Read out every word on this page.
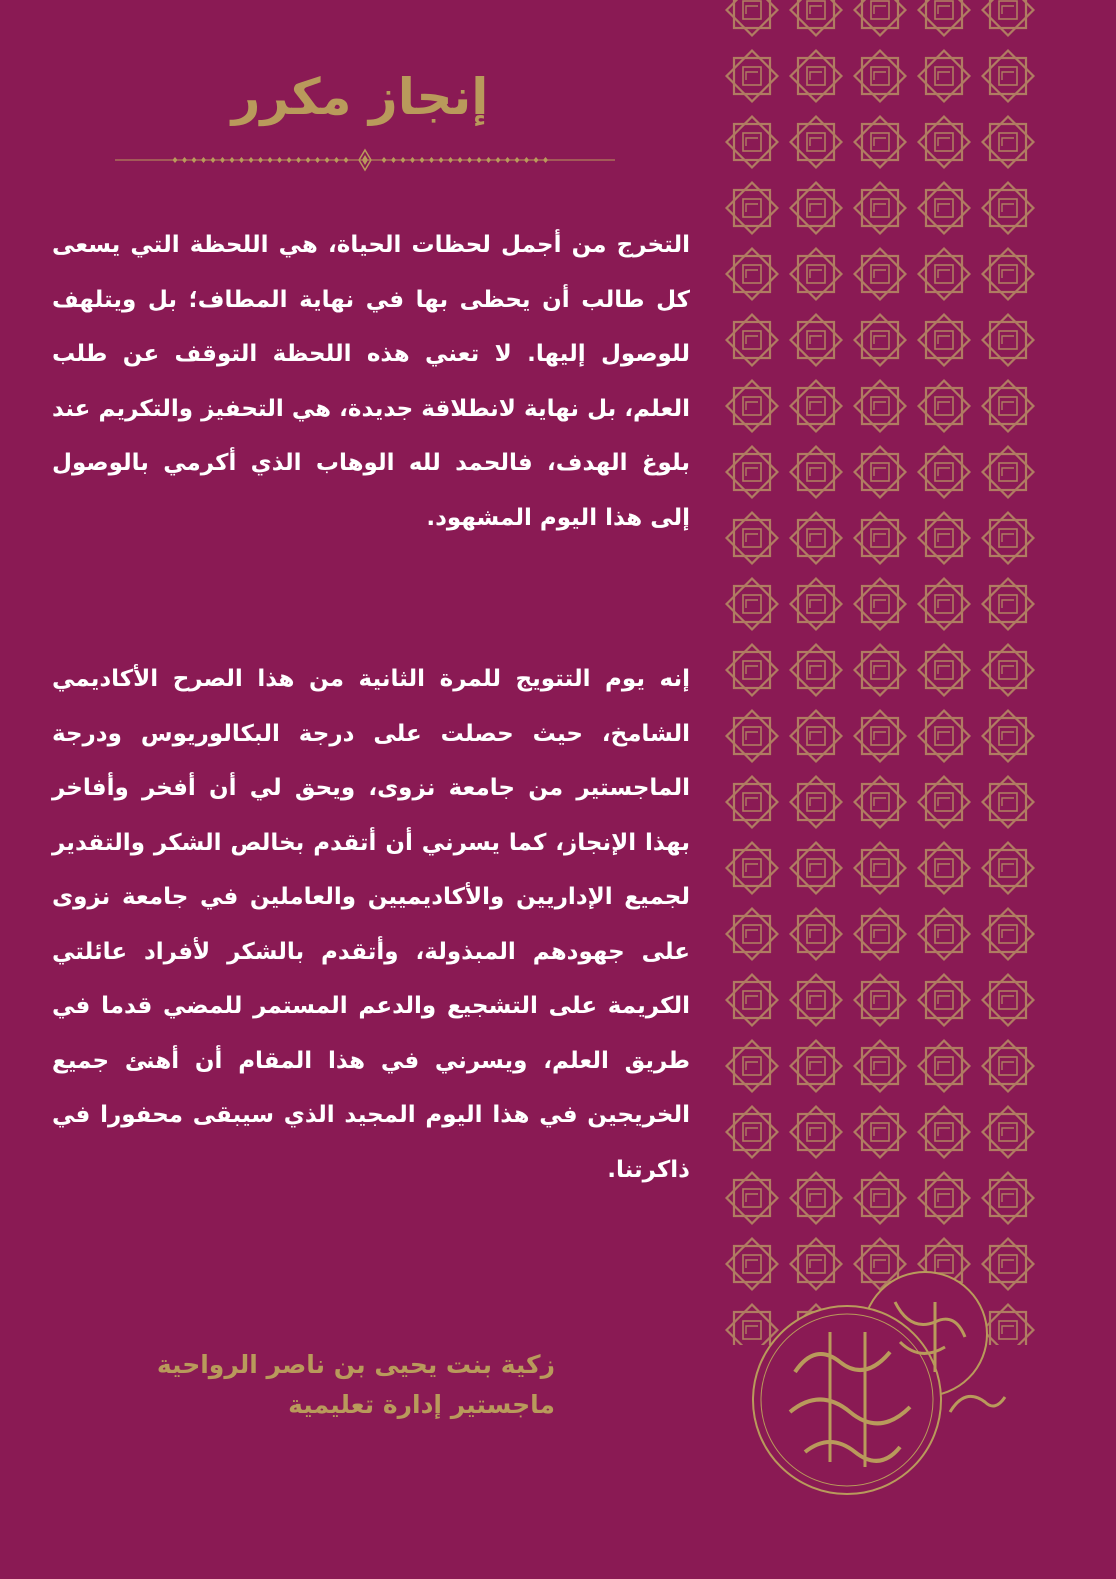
إنجاز مكرر

التخرج من أجمل لحظات الحياة، هي اللحظة التي يسعى كل طالب أن يحظى بها في نهاية المطاف؛ بل ويتلهف للوصول إليها. لا تعني هذه اللحظة التوقف عن طلب العلم، بل نهاية لانطلاقة جديدة، هي التحفيز والتكريم عند بلوغ الهدف، فالحمد لله الوهاب الذي أكرمي بالوصول إلى هذا اليوم المشهود.

إنه يوم التتويج للمرة الثانية من هذا الصرح الأكاديمي الشامخ، حيث حصلت على درجة البكالوريوس ودرجة الماجستير من جامعة نزوى، ويحق لي أن أفخر وأفاخر بهذا الإنجاز، كما يسرني أن أتقدم بخالص الشكر والتقدير لجميع الإداريين والأكاديميين والعاملين في جامعة نزوى على جهودهم المبذولة، وأتقدم بالشكر لأفراد عائلتي الكريمة على التشجيع والدعم المستمر للمضي قدما في طريق العلم، ويسرني في هذا المقام أن أهنئ جميع الخريجين في هذا اليوم المجيد الذي سيبقى محفورا في ذاكرتنا.

زكية بنت يحيى بن ناصر الرواحية
ماجستير إدارة تعليمية
